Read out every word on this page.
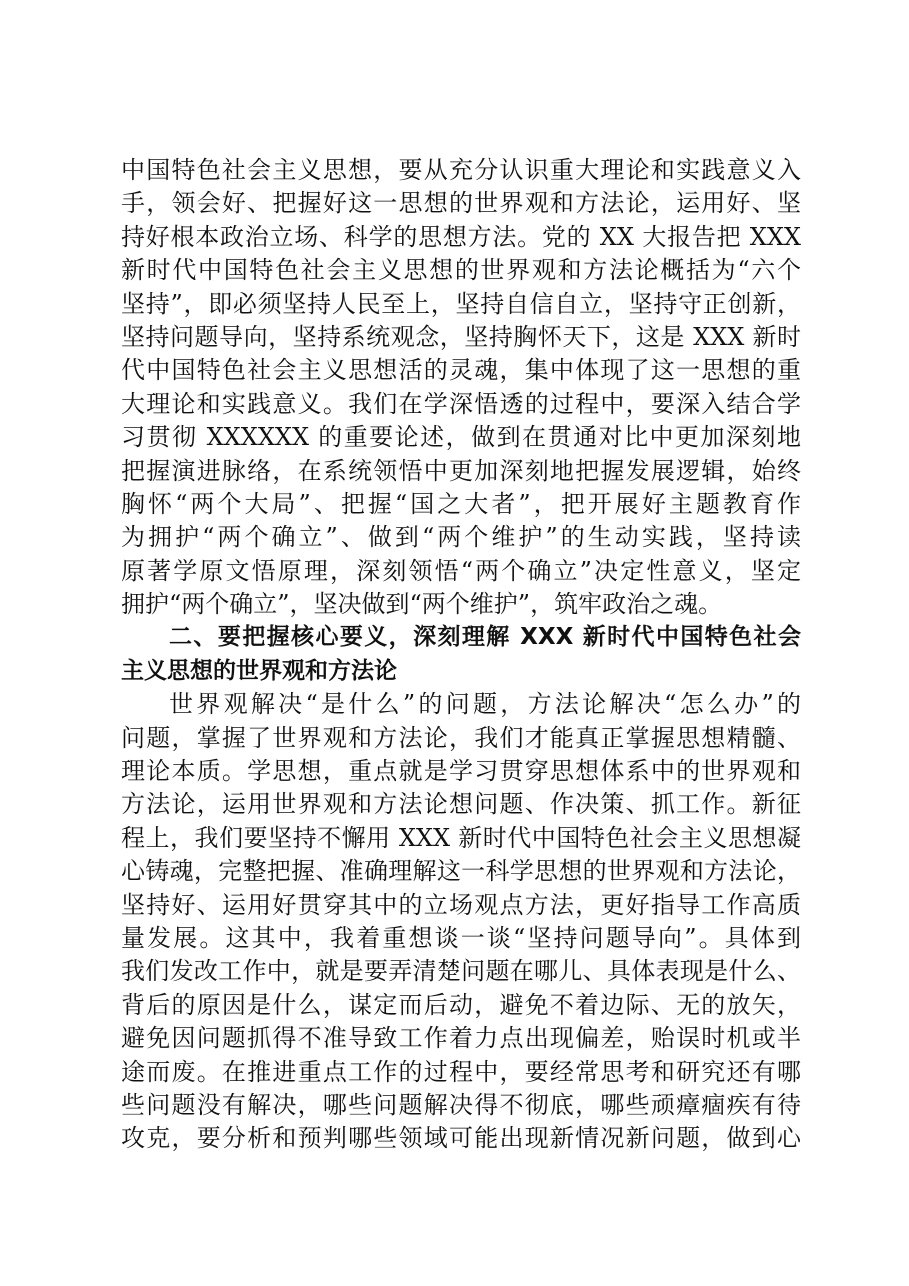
中国特色社会主义思想，要从充分认识重大理论和实践意义入
手，领会好、把握好这一思想的世界观和方法论，运用好、坚
持好根本政治立场、科学的思想方法。党的 XX 大报告把 XXX
新时代中国特色社会主义思想的世界观和方法论概括为“六个
坚持”，即必须坚持人民至上，坚持自信自立，坚持守正创新，
坚持问题导向，坚持系统观念，坚持胸怀天下，这是 XXX 新时
代中国特色社会主义思想活的灵魂，集中体现了这一思想的重
大理论和实践意义。我们在学深悟透的过程中，要深入结合学
习贯彻 XXXXXX 的重要论述，做到在贯通对比中更加深刻地
把握演进脉络，在系统领悟中更加深刻地把握发展逻辑，始终
胸怀“两个大局”、把握“国之大者”，把开展好主题教育作
为拥护“两个确立”、做到“两个维护”的生动实践，坚持读
原著学原文悟原理，深刻领悟“两个确立”决定性意义，坚定
拥护“两个确立”，坚决做到“两个维护”，筑牢政治之魂。
二、要把握核心要义，深刻理解 XXX 新时代中国特色社会
主义思想的世界观和方法论
世界观解决“是什么”的问题，方法论解决“怎么办”的
问题，掌握了世界观和方法论，我们才能真正掌握思想精髓、
理论本质。学思想，重点就是学习贯穿思想体系中的世界观和
方法论，运用世界观和方法论想问题、作决策、抓工作。新征
程上，我们要坚持不懈用 XXX 新时代中国特色社会主义思想凝
心铸魂，完整把握、准确理解这一科学思想的世界观和方法论，
坚持好、运用好贯穿其中的立场观点方法，更好指导工作高质
量发展。这其中，我着重想谈一谈“坚持问题导向”。具体到
我们发改工作中，就是要弄清楚问题在哪儿、具体表现是什么、
背后的原因是什么，谋定而后动，避免不着边际、无的放矢，
避免因问题抓得不准导致工作着力点出现偏差，贻误时机或半
途而废。在推进重点工作的过程中，要经常思考和研究还有哪
些问题没有解决，哪些问题解决得不彻底，哪些顽瘴痼疾有待
攻克，要分析和预判哪些领域可能出现新情况新问题，做到心
